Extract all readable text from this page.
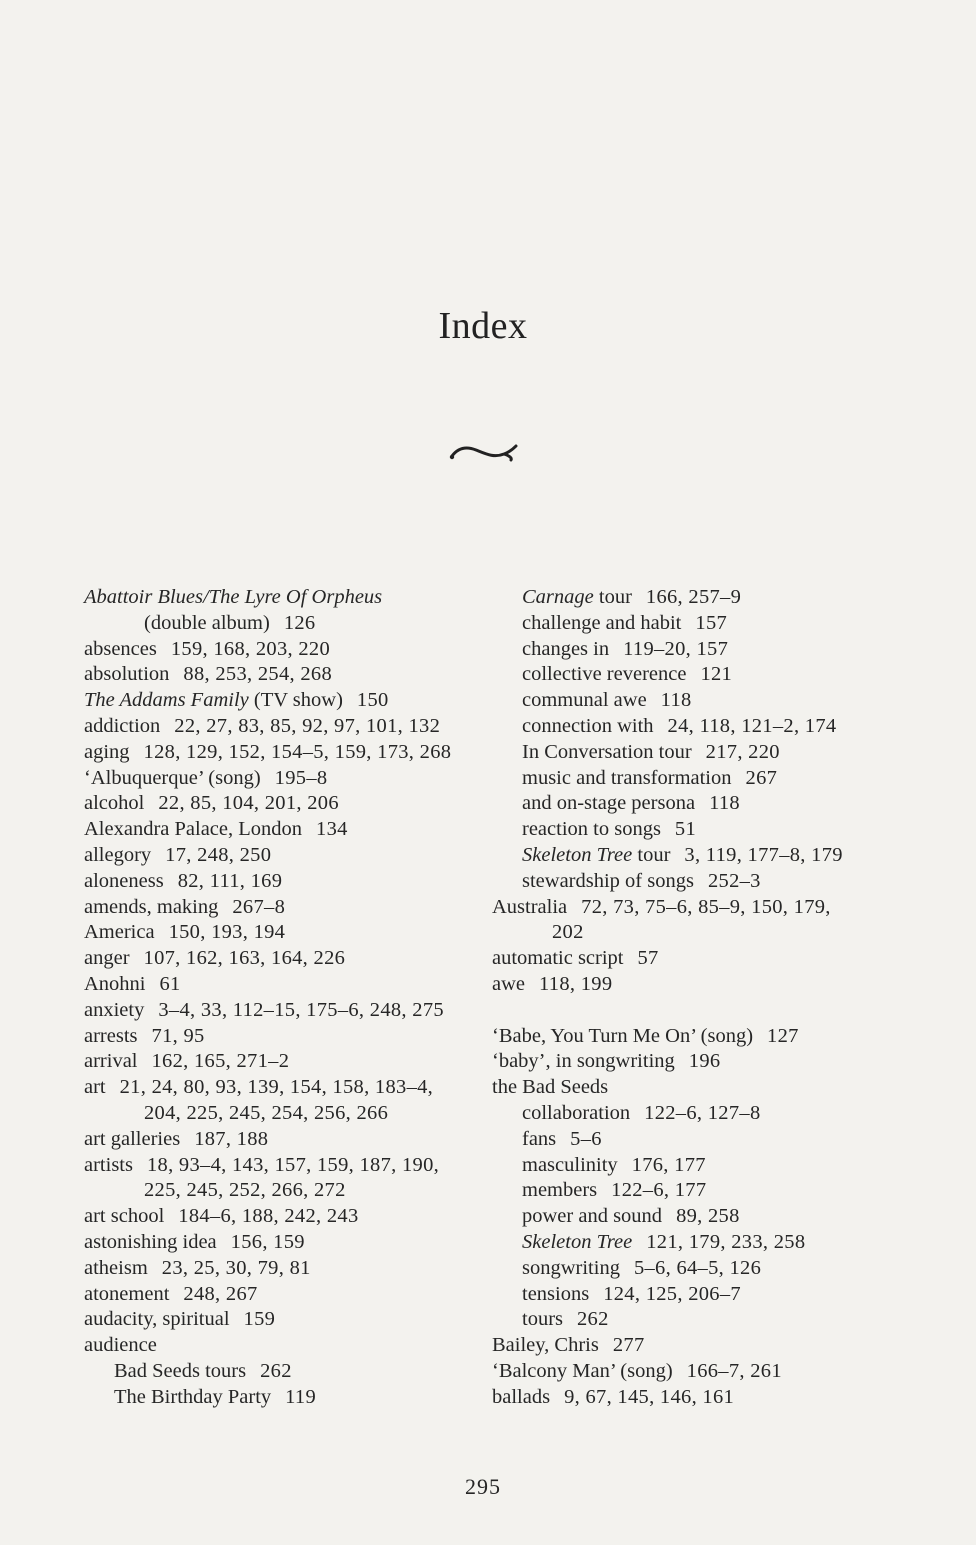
Index
Abattoir Blues/The Lyre Of Orpheus
(double album) 126
absences 159, 168, 203, 220
absolution 88, 253, 254, 268
The Addams Family (TV show) 150
addiction 22, 27, 83, 85, 92, 97, 101, 132
aging 128, 129, 152, 154–5, 159, 173, 268
‘Albuquerque’ (song) 195–8
alcohol 22, 85, 104, 201, 206
Alexandra Palace, London 134
allegory 17, 248, 250
aloneness 82, 111, 169
amends, making 267–8
America 150, 193, 194
anger 107, 162, 163, 164, 226
Anohni 61
anxiety 3–4, 33, 112–15, 175–6, 248, 275
arrests 71, 95
arrival 162, 165, 271–2
art 21, 24, 80, 93, 139, 154, 158, 183–4,
204, 225, 245, 254, 256, 266
art galleries 187, 188
artists 18, 93–4, 143, 157, 159, 187, 190,
225, 245, 252, 266, 272
art school 184–6, 188, 242, 243
astonishing idea 156, 159
atheism 23, 25, 30, 79, 81
atonement 248, 267
audacity, spiritual 159
audience
Bad Seeds tours 262
The Birthday Party 119
Carnage tour 166, 257–9
challenge and habit 157
changes in 119–20, 157
collective reverence 121
communal awe 118
connection with 24, 118, 121–2, 174
In Conversation tour 217, 220
music and transformation 267
and on-stage persona 118
reaction to songs 51
Skeleton Tree tour 3, 119, 177–8, 179
stewardship of songs 252–3
Australia 72, 73, 75–6, 85–9, 150, 179,
202
automatic script 57
awe 118, 199
‘Babe, You Turn Me On’ (song) 127
‘baby’, in songwriting 196
the Bad Seeds
collaboration 122–6, 127–8
fans 5–6
masculinity 176, 177
members 122–6, 177
power and sound 89, 258
Skeleton Tree 121, 179, 233, 258
songwriting 5–6, 64–5, 126
tensions 124, 125, 206–7
tours 262
Bailey, Chris 277
‘Balcony Man’ (song) 166–7, 261
ballads 9, 67, 145, 146, 161
295
